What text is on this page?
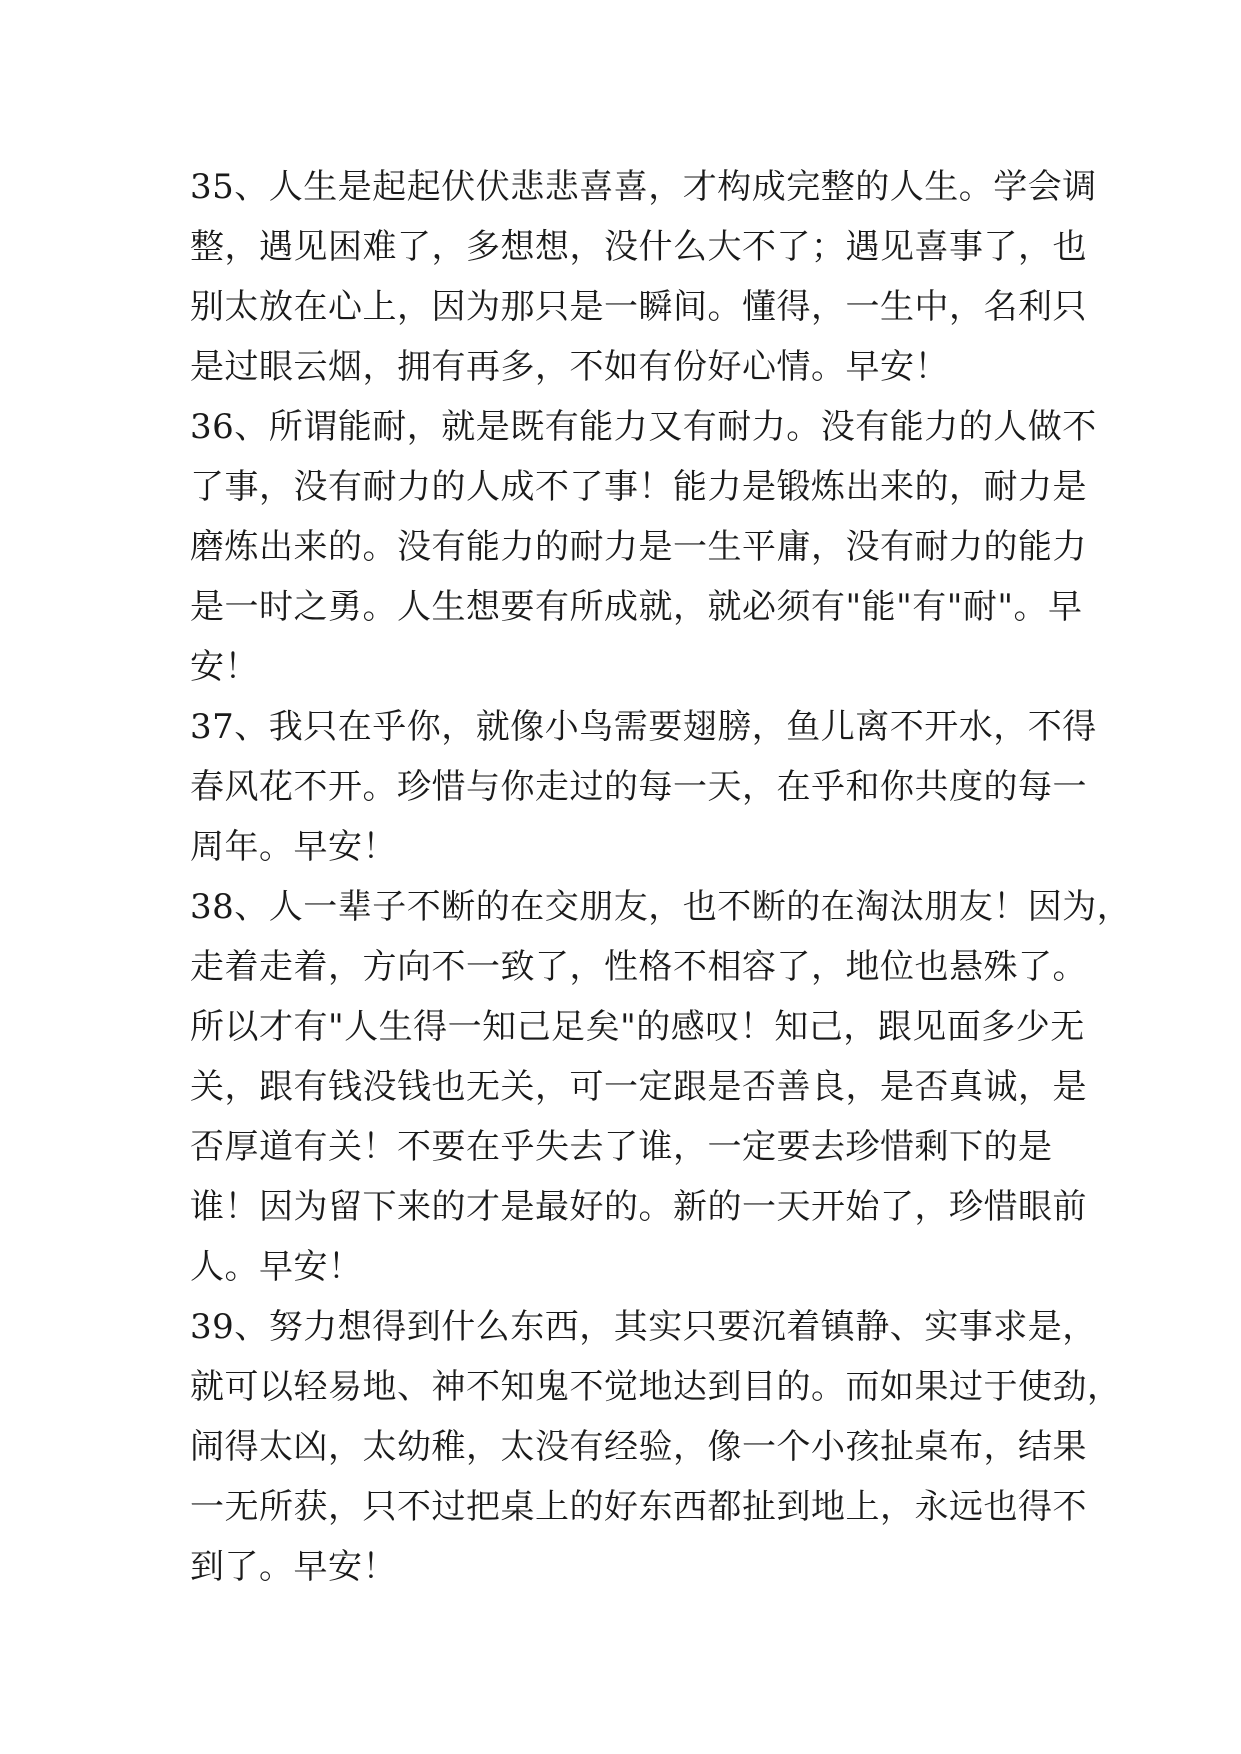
35、人生是起起伏伏悲悲喜喜，才构成完整的人生。学会调
整，遇见困难了，多想想，没什么大不了；遇见喜事了，也
别太放在心上，因为那只是一瞬间。懂得，一生中，名利只
是过眼云烟，拥有再多，不如有份好心情。早安！
36、所谓能耐，就是既有能力又有耐力。没有能力的人做不
了事，没有耐力的人成不了事！能力是锻炼出来的，耐力是
磨炼出来的。没有能力的耐力是一生平庸，没有耐力的能力
是一时之勇。人生想要有所成就，就必须有"能"有"耐"。早
安！
37、我只在乎你，就像小鸟需要翅膀，鱼儿离不开水，不得
春风花不开。珍惜与你走过的每一天，在乎和你共度的每一
周年。早安！
38、人一辈子不断的在交朋友，也不断的在淘汰朋友！因为，
走着走着，方向不一致了，性格不相容了，地位也悬殊了。
所以才有"人生得一知己足矣"的感叹！知己，跟见面多少无
关，跟有钱没钱也无关，可一定跟是否善良，是否真诚，是
否厚道有关！不要在乎失去了谁，一定要去珍惜剩下的是
谁！因为留下来的才是最好的。新的一天开始了，珍惜眼前
人。早安！
39、努力想得到什么东西，其实只要沉着镇静、实事求是，
就可以轻易地、神不知鬼不觉地达到目的。而如果过于使劲，
闹得太凶，太幼稚，太没有经验，像一个小孩扯桌布，结果
一无所获，只不过把桌上的好东西都扯到地上，永远也得不
到了。早安！
